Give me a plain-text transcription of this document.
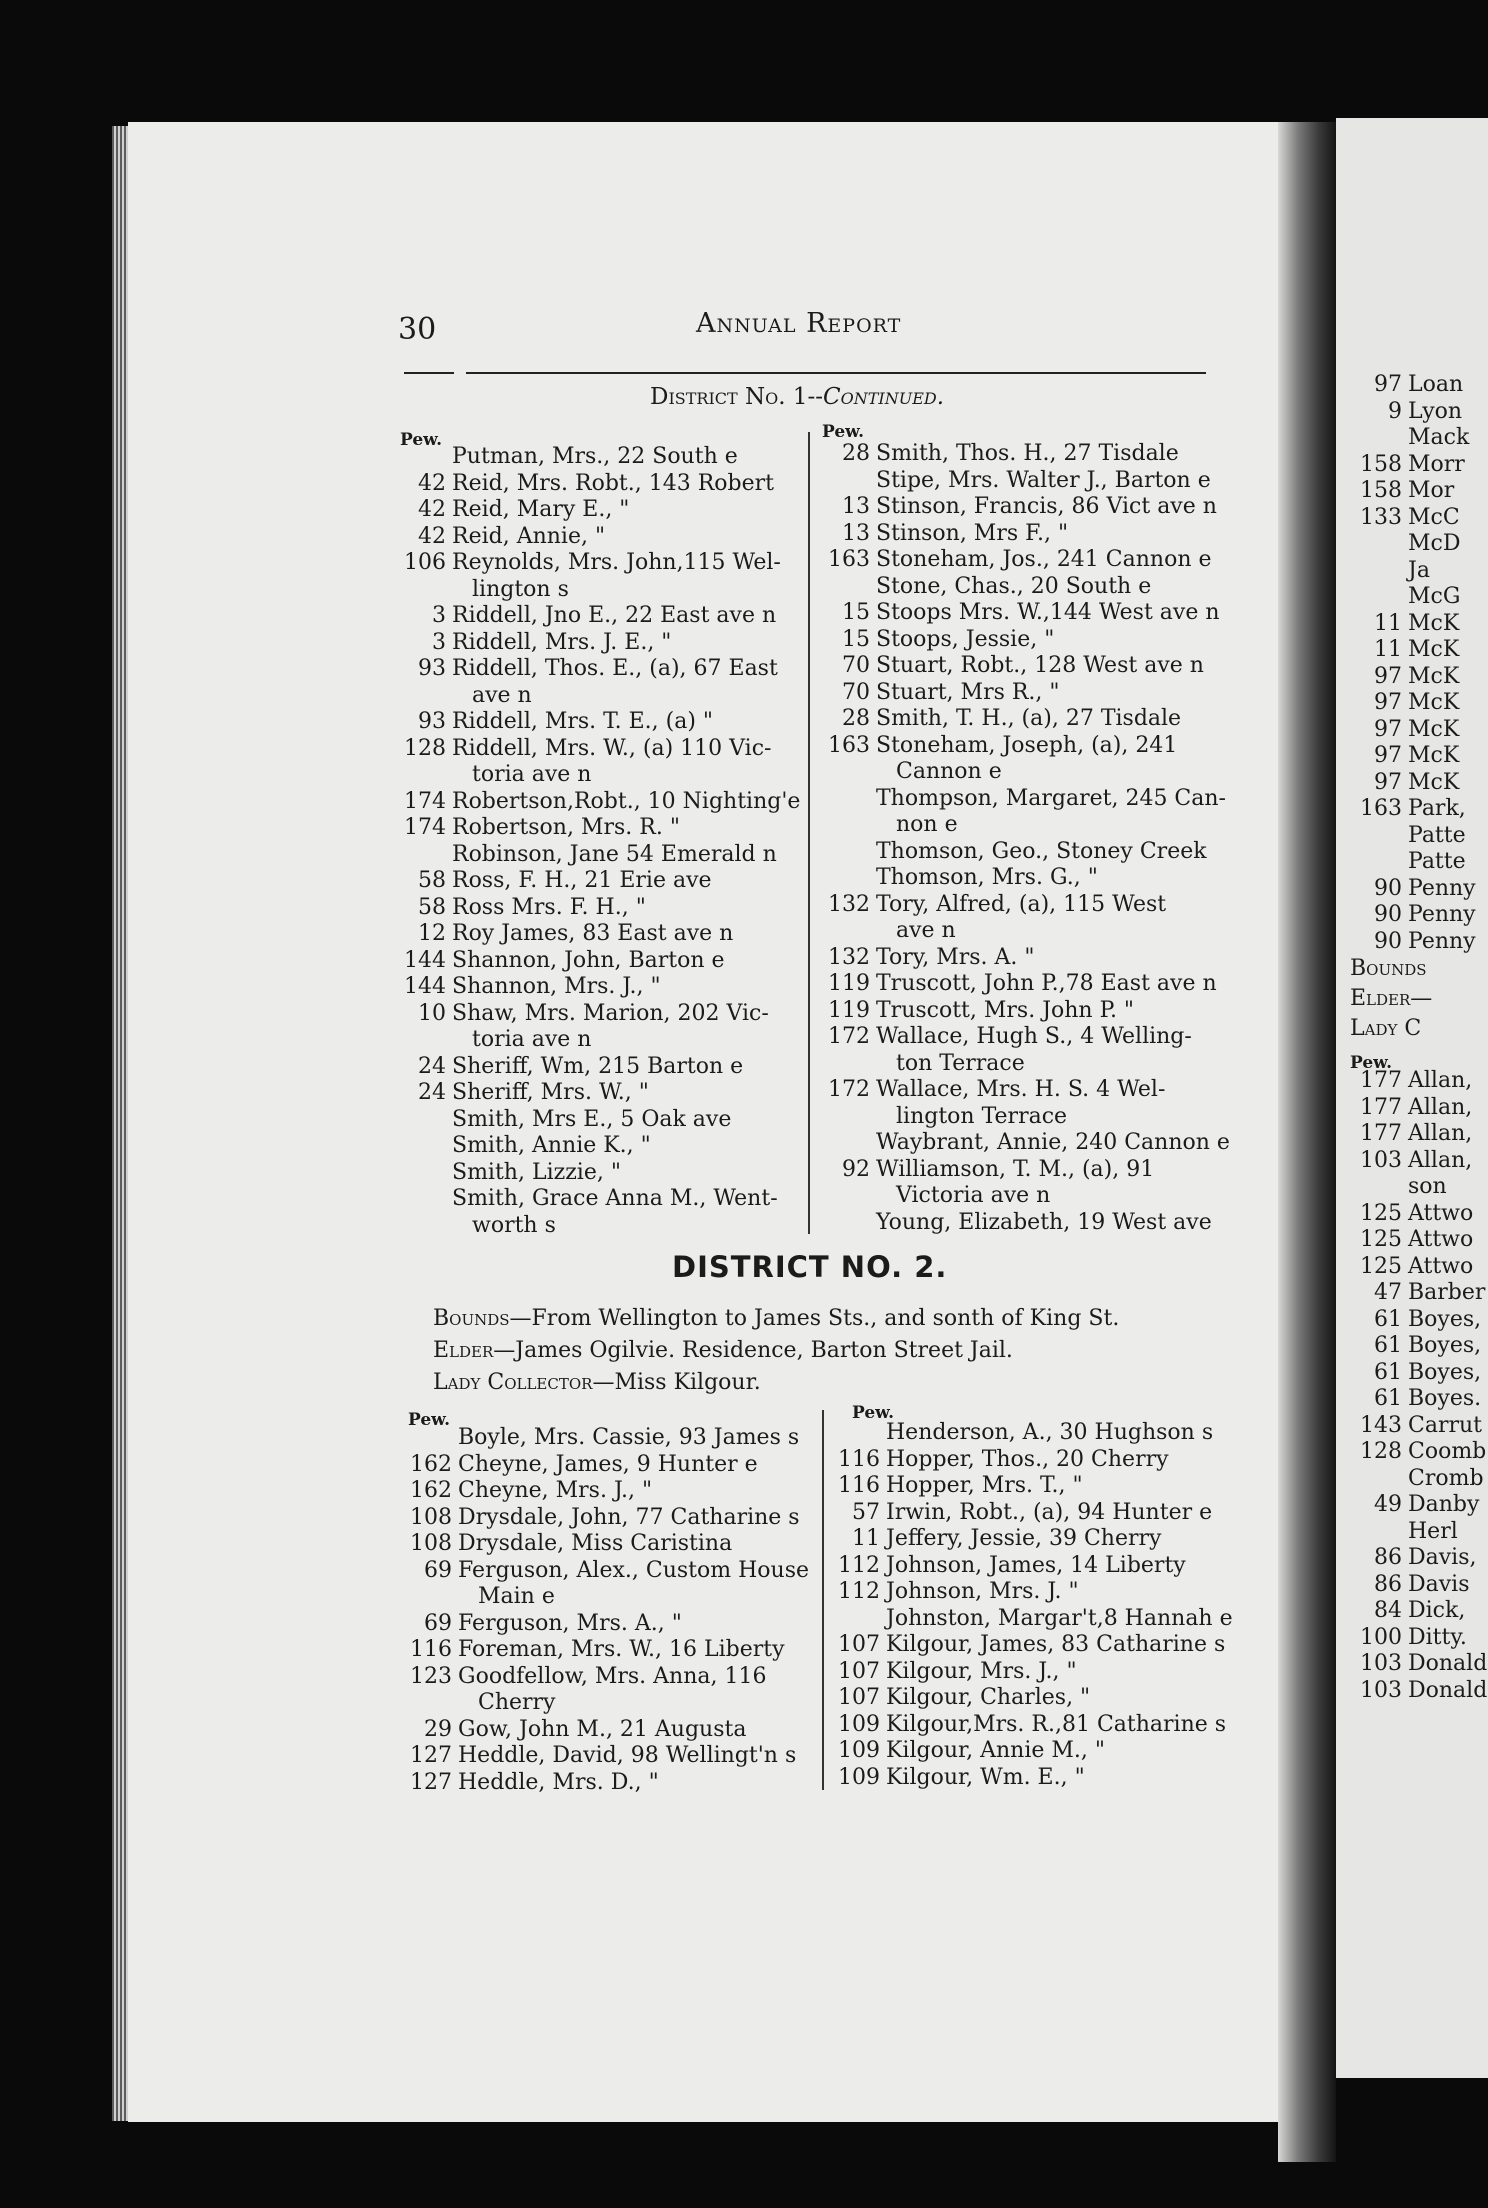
97 Loan
9 Lyon
Mack
158 Morr
158 Mor
133 McC
McD
Ja
McG
11 McK
11 McK
97 McK
97 McK
97 McK
97 McK
97 McK
163 Park,
Patte
Patte
90 Penny
90 Penny
90 Penny
Bounds
Elder—
Lady C
Pew.
177 Allan,
177 Allan,
177 Allan,
103 Allan,
son
125 Attwo
125 Attwo
125 Attwo
47 Barber
61 Boyes,
61 Boyes,
61 Boyes,
61 Boyes.
143 Carrut
128 Coomb
Cromb
49 Danby
Herl
86 Davis,
86 Davis
84 Dick,
100 Ditty.
103 Donald
103 Donald
30	Annual Report
District No. 1--Continued.
Pew.	Pew.
Putman, Mrs., 22 South e
42 Reid, Mrs. Robt., 143 Robert
42 Reid, Mary E., "
42 Reid, Annie, "
106 Reynolds, Mrs. John,115 Wel-
lington s
3 Riddell, Jno E., 22 East ave n
3 Riddell, Mrs. J. E., "
93 Riddell, Thos. E., (a), 67 East
ave n
93 Riddell, Mrs. T. E., (a) "
128 Riddell, Mrs. W., (a) 110 Vic-
toria ave n
174 Robertson,Robt., 10 Nighting'e
174 Robertson, Mrs. R. "
Robinson, Jane 54 Emerald n
58 Ross, F. H., 21 Erie ave
58 Ross Mrs. F. H., "
12 Roy James, 83 East ave n
144 Shannon, John, Barton e
144 Shannon, Mrs. J., "
10 Shaw, Mrs. Marion, 202 Vic-
toria ave n
24 Sheriff, Wm, 215 Barton e
24 Sheriff, Mrs. W., "
Smith, Mrs E., 5 Oak ave
Smith, Annie K., "
Smith, Lizzie, "
Smith, Grace Anna M., Went-
worth s
28 Smith, Thos. H., 27 Tisdale
Stipe, Mrs. Walter J., Barton e
13 Stinson, Francis, 86 Vict ave n
13 Stinson, Mrs F., "
163 Stoneham, Jos., 241 Cannon e
Stone, Chas., 20 South e
15 Stoops Mrs. W.,144 West ave n
15 Stoops, Jessie, "
70 Stuart, Robt., 128 West ave n
70 Stuart, Mrs R., "
28 Smith, T. H., (a), 27 Tisdale
163 Stoneham, Joseph, (a), 241
Cannon e
Thompson, Margaret, 245 Can-
non e
Thomson, Geo., Stoney Creek
Thomson, Mrs. G., "
132 Tory, Alfred, (a), 115 West
ave n
132 Tory, Mrs. A. "
119 Truscott, John P.,78 East ave n
119 Truscott, Mrs. John P. "
172 Wallace, Hugh S., 4 Welling-
ton Terrace
172 Wallace, Mrs. H. S. 4 Wel-
lington Terrace
Waybrant, Annie, 240 Cannon e
92 Williamson, T. M., (a), 91
Victoria ave n
Young, Elizabeth, 19 West ave
DISTRICT NO. 2.
Bounds—From Wellington to James Sts., and sonth of King St.
Elder—James Ogilvie. Residence, Barton Street Jail.
Lady Collector—Miss Kilgour.
Pew.	Pew.
Boyle, Mrs. Cassie, 93 James s
162 Cheyne, James, 9 Hunter e
162 Cheyne, Mrs. J., "
108 Drysdale, John, 77 Catharine s
108 Drysdale, Miss Caristina
69 Ferguson, Alex., Custom House
Main e
69 Ferguson, Mrs. A., "
116 Foreman, Mrs. W., 16 Liberty
123 Goodfellow, Mrs. Anna, 116
Cherry
29 Gow, John M., 21 Augusta
127 Heddle, David, 98 Wellingt'n s
127 Heddle, Mrs. D., "
Henderson, A., 30 Hughson s
116 Hopper, Thos., 20 Cherry
116 Hopper, Mrs. T., "
57 Irwin, Robt., (a), 94 Hunter e
11 Jeffery, Jessie, 39 Cherry
112 Johnson, James, 14 Liberty
112 Johnson, Mrs. J. "
Johnston, Margar't,8 Hannah e
107 Kilgour, James, 83 Catharine s
107 Kilgour, Mrs. J., "
107 Kilgour, Charles, "
109 Kilgour,Mrs. R.,81 Catharine s
109 Kilgour, Annie M., "
109 Kilgour, Wm. E., "
